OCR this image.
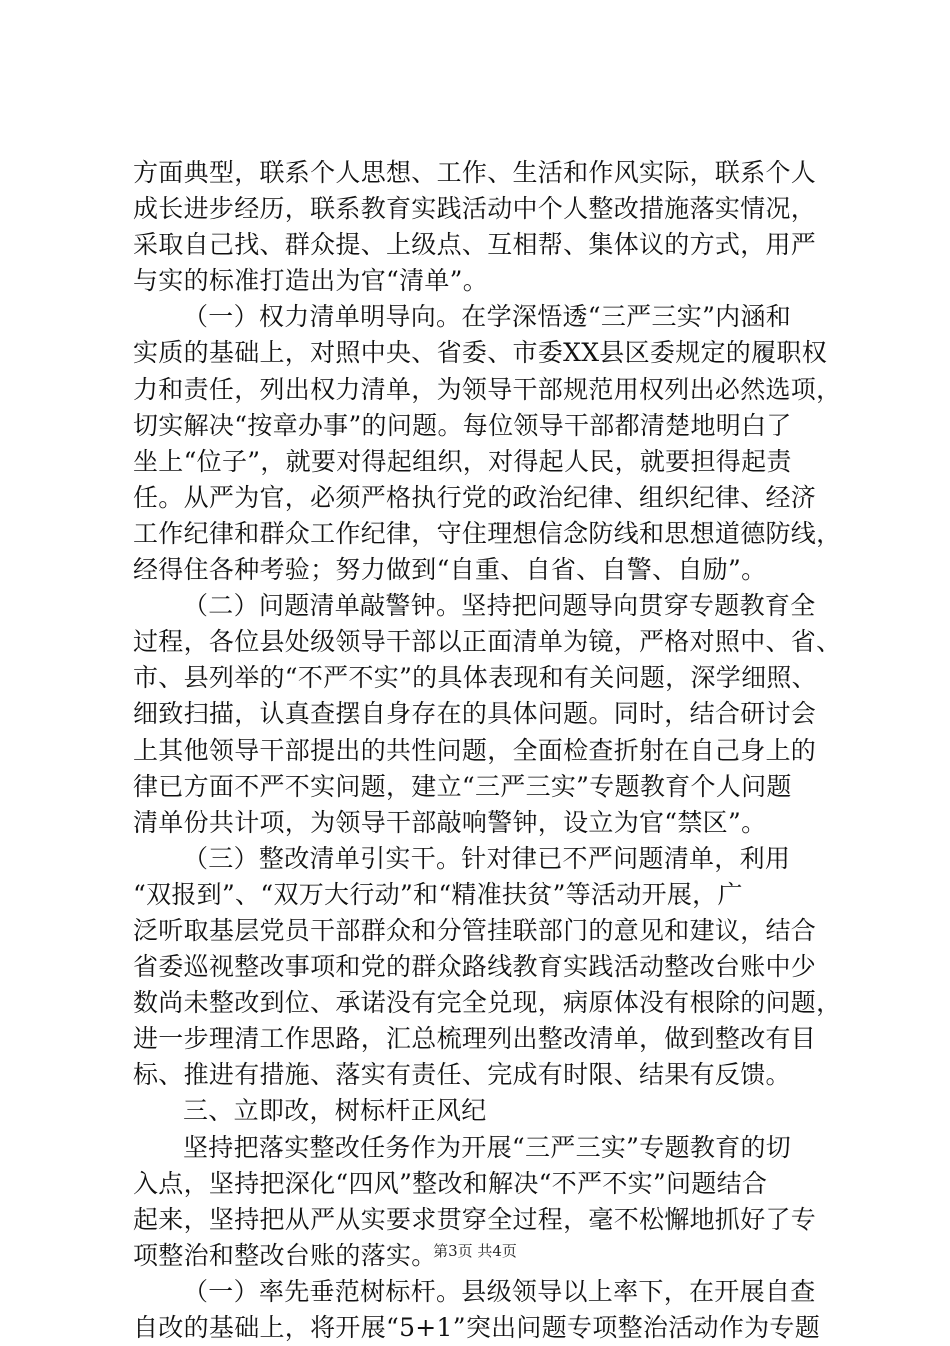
方面典型，联系个人思想、工作、生活和作风实际，联系个人
成长进步经历，联系教育实践活动中个人整改措施落实情况，
采取自己找、群众提、上级点、互相帮、集体议的方式，用严
与实的标准打造出为官“清单”。
（一）权力清单明导向。在学深悟透“三严三实”内涵和
实质的基础上，对照中央、省委、市委XX县区委规定的履职权
力和责任，列出权力清单，为领导干部规范用权列出必然选项，
切实解决“按章办事”的问题。每位领导干部都清楚地明白了
坐上“位子”，就要对得起组织，对得起人民，就要担得起责
任。从严为官，必须严格执行党的政治纪律、组织纪律、经济
工作纪律和群众工作纪律，守住理想信念防线和思想道德防线，
经得住各种考验；努力做到“自重、自省、自警、自励”。
（二）问题清单敲警钟。坚持把问题导向贯穿专题教育全
过程，各位县处级领导干部以正面清单为镜，严格对照中、省、
市、县列举的“不严不实”的具体表现和有关问题，深学细照、
细致扫描，认真查摆自身存在的具体问题。同时，结合研讨会
上其他领导干部提出的共性问题，全面检查折射在自己身上的
律已方面不严不实问题，建立“三严三实”专题教育个人问题
清单份共计项，为领导干部敲响警钟，设立为官“禁区”。
（三）整改清单引实干。针对律已不严问题清单，利用
“双报到”、“双万大行动”和“精准扶贫”等活动开展，广
泛听取基层党员干部群众和分管挂联部门的意见和建议，结合
省委巡视整改事项和党的群众路线教育实践活动整改台账中少
数尚未整改到位、承诺没有完全兑现，病原体没有根除的问题，
进一步理清工作思路，汇总梳理列出整改清单，做到整改有目
标、推进有措施、落实有责任、完成有时限、结果有反馈。
三、立即改，树标杆正风纪
坚持把落实整改任务作为开展“三严三实”专题教育的切
入点，坚持把深化“四风”整改和解决“不严不实”问题结合
起来，坚持把从严从实要求贯穿全过程，毫不松懈地抓好了专
项整治和整改台账的落实。
（一）率先垂范树标杆。县级领导以上率下，在开展自查
自改的基础上，将开展“5+1”突出问题专项整治活动作为专题
第3页 共4页
